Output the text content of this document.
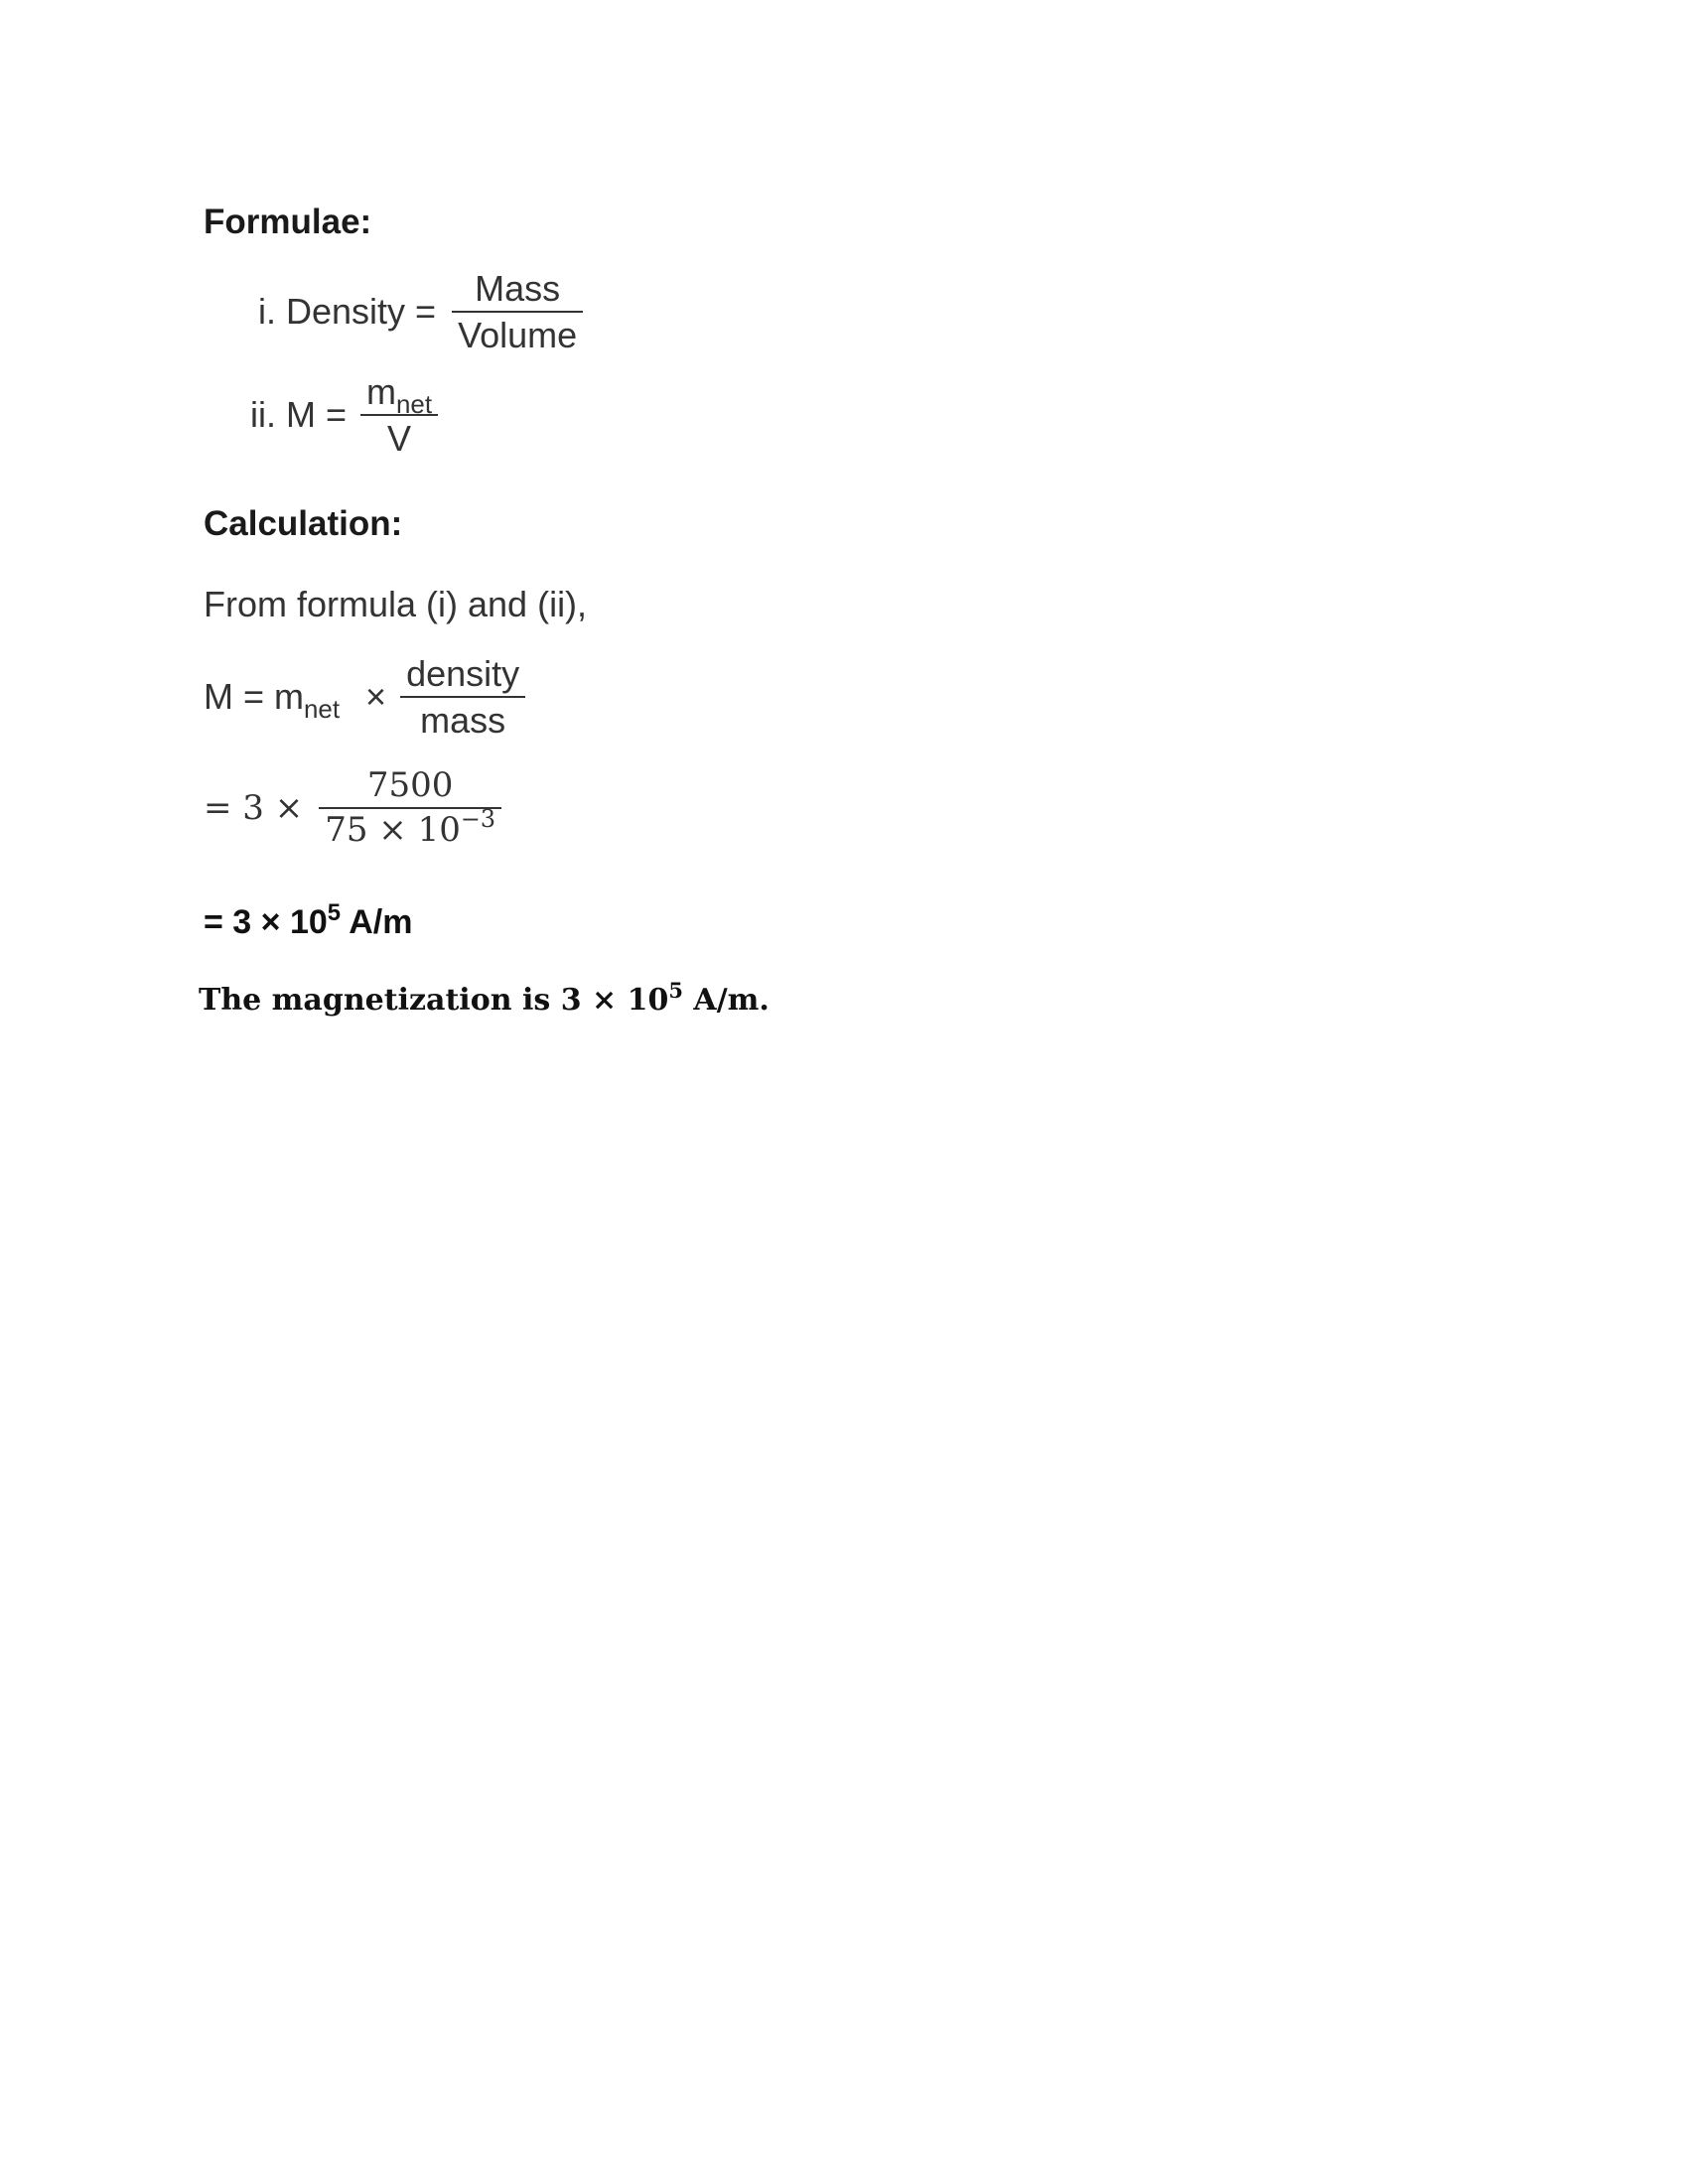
Formulae:
i. Density = $\frac{\text{Mass}}{\text{Volume}}$
ii. $M = \frac{m_{net}}{V}$
Calculation:
From formula (i) and (ii),
$M = m_{net} \times \frac{\text{density}}{\text{mass}}$
= $3 \times \frac{7500}{75 \times 10^{-3}}$
= $3 \times 10^5$ A/m
The magnetization is $3 \times 10^5$ A/m.
